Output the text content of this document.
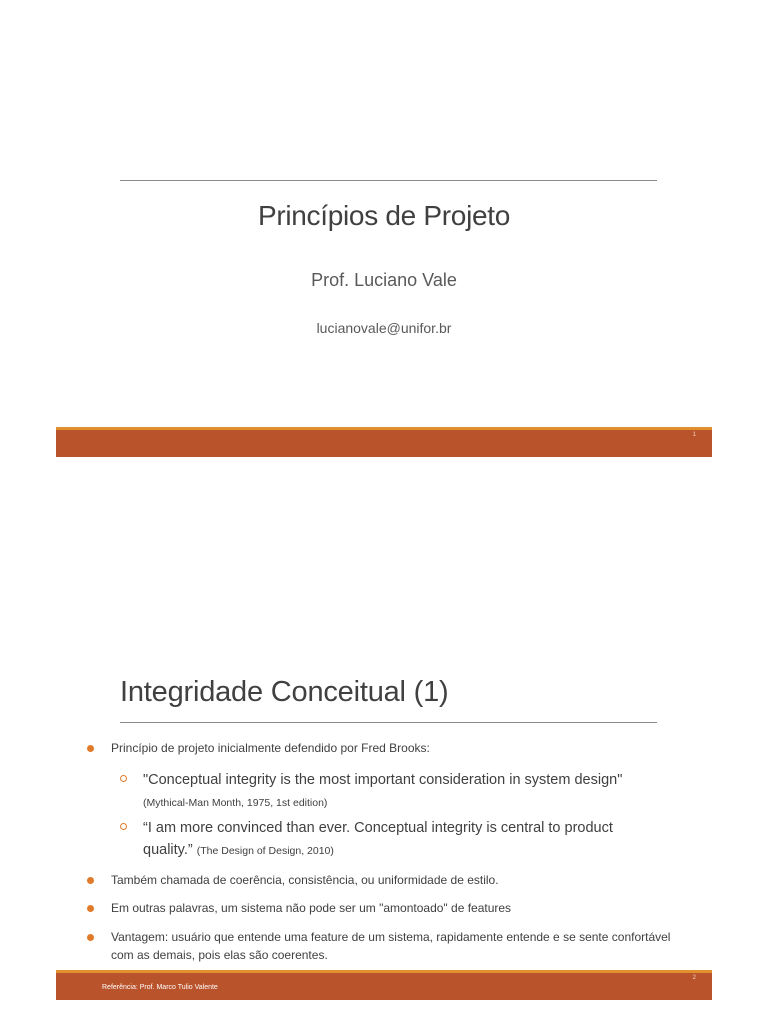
Princípios de Projeto
Prof. Luciano Vale
lucianovale@unifor.br
1
Integridade Conceitual (1)
Princípio de projeto inicialmente defendido por Fred Brooks:
"Conceptual integrity is the most important consideration in system design"
(Mythical-Man Month, 1975, 1st edition)
“I am more convinced than ever. Conceptual integrity is central to product quality.” (The Design of Design, 2010)
Também chamada de coerência, consistência, ou uniformidade de estilo.
Em outras palavras, um sistema não pode ser um "amontoado" de features
Vantagem: usuário que entende uma feature de um sistema, rapidamente entende e se sente confortável com as demais, pois elas são coerentes.
Referência: Prof. Marco Tulio Valente
2
